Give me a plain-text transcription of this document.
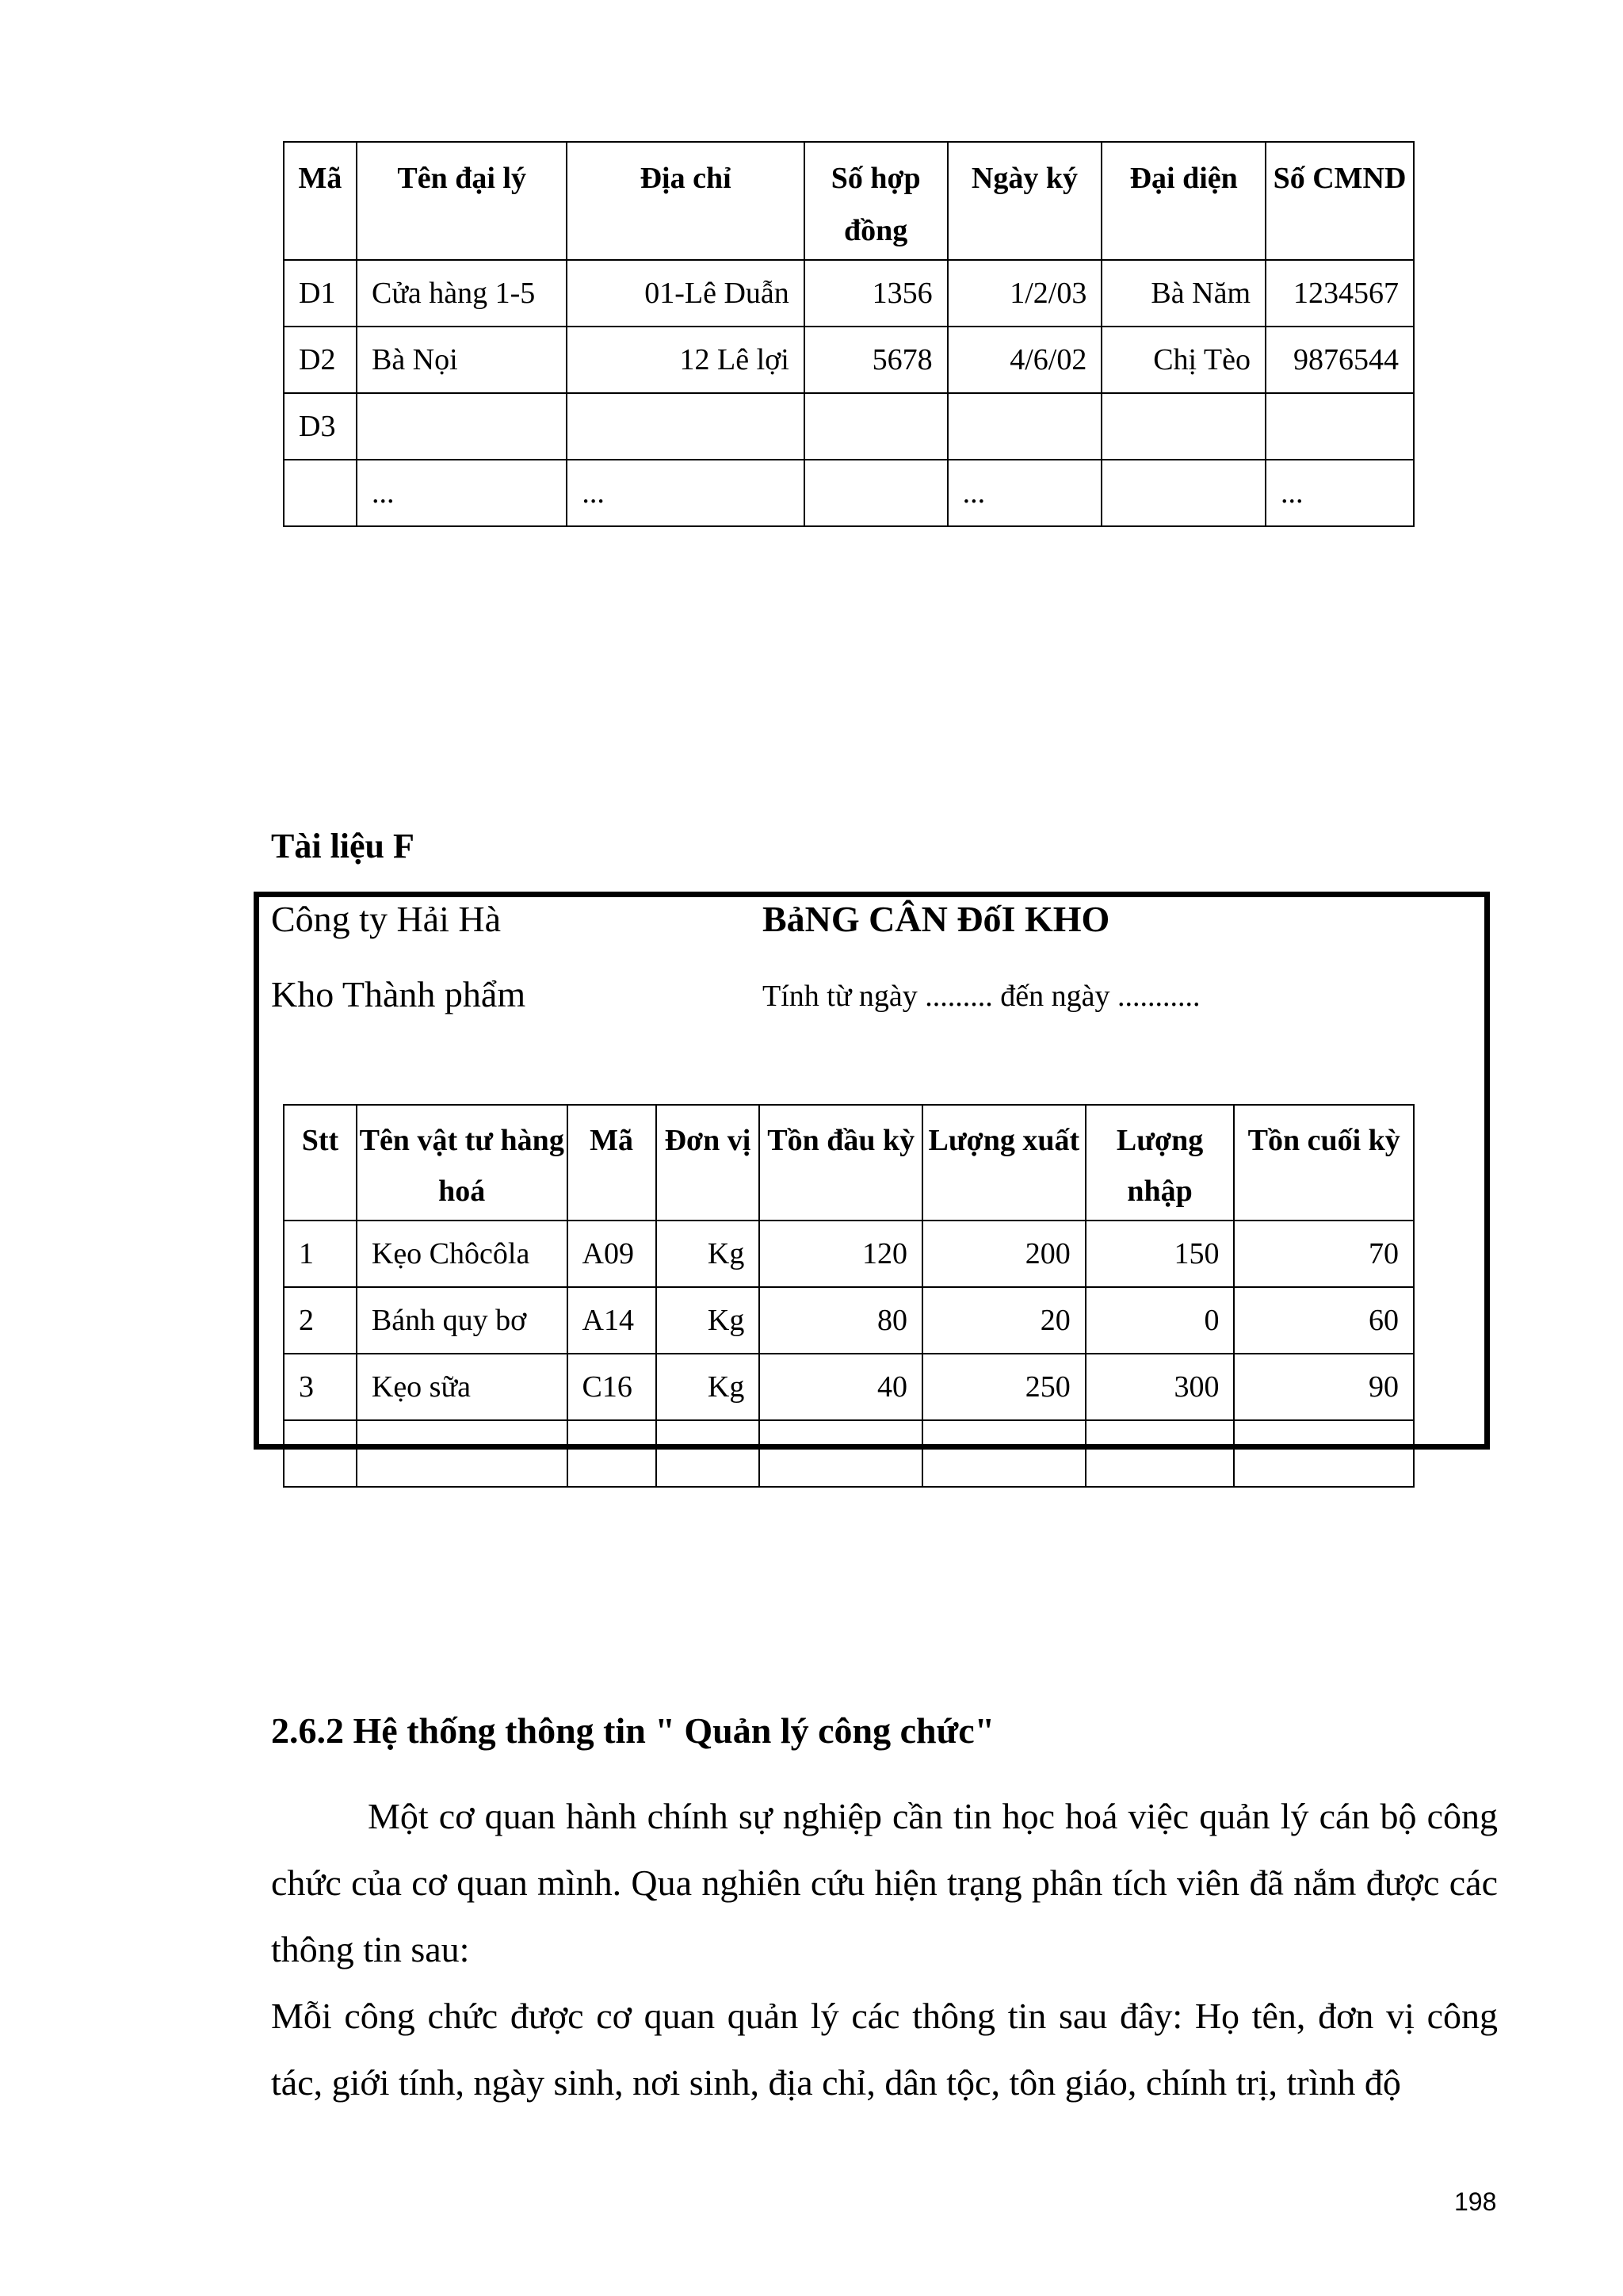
Mã	Tên đại lý	Địa chỉ	Số hợp đồng	Ngày ký	Đại diện	Số CMND
D1	Cửa hàng 1-5	01-Lê Duẫn	1356	1/2/03	Bà Năm	1234567
D2	Bà Nọi	12 Lê lợi	5678	4/6/02	Chị Tèo	9876544
D3						
	...	...		...		...
Tài liệu F
Công ty Hải Hà
Kho Thành phẩm
BảNG CÂN ĐốI KHO
Tính từ ngày ......... đến ngày ...........
Stt	Tên vật tư hàng hoá	Mã	Đơn vị	Tồn đầu kỳ	Lượng xuất	Lượng nhập	Tồn cuối kỳ
1	Kẹo Chôcôla	A09	Kg	120	200	150	70
2	Bánh quy bơ	A14	Kg	80	20	0	60
3	Kẹo sữa	C16	Kg	40	250	300	90

2.6.2 Hệ thống thông tin " Quản lý công chức"

Một cơ quan hành chính sự nghiệp cần tin học hoá việc quản lý cán bộ công chức của cơ quan mình. Qua nghiên cứu hiện trạng phân tích viên đã nắm được các thông tin sau:

Mỗi công chức được cơ quan quản lý các thông tin sau đây: Họ tên, đơn vị công tác, giới tính, ngày sinh, nơi sinh, địa chỉ, dân tộc, tôn giáo, chính trị, trình độ

198
